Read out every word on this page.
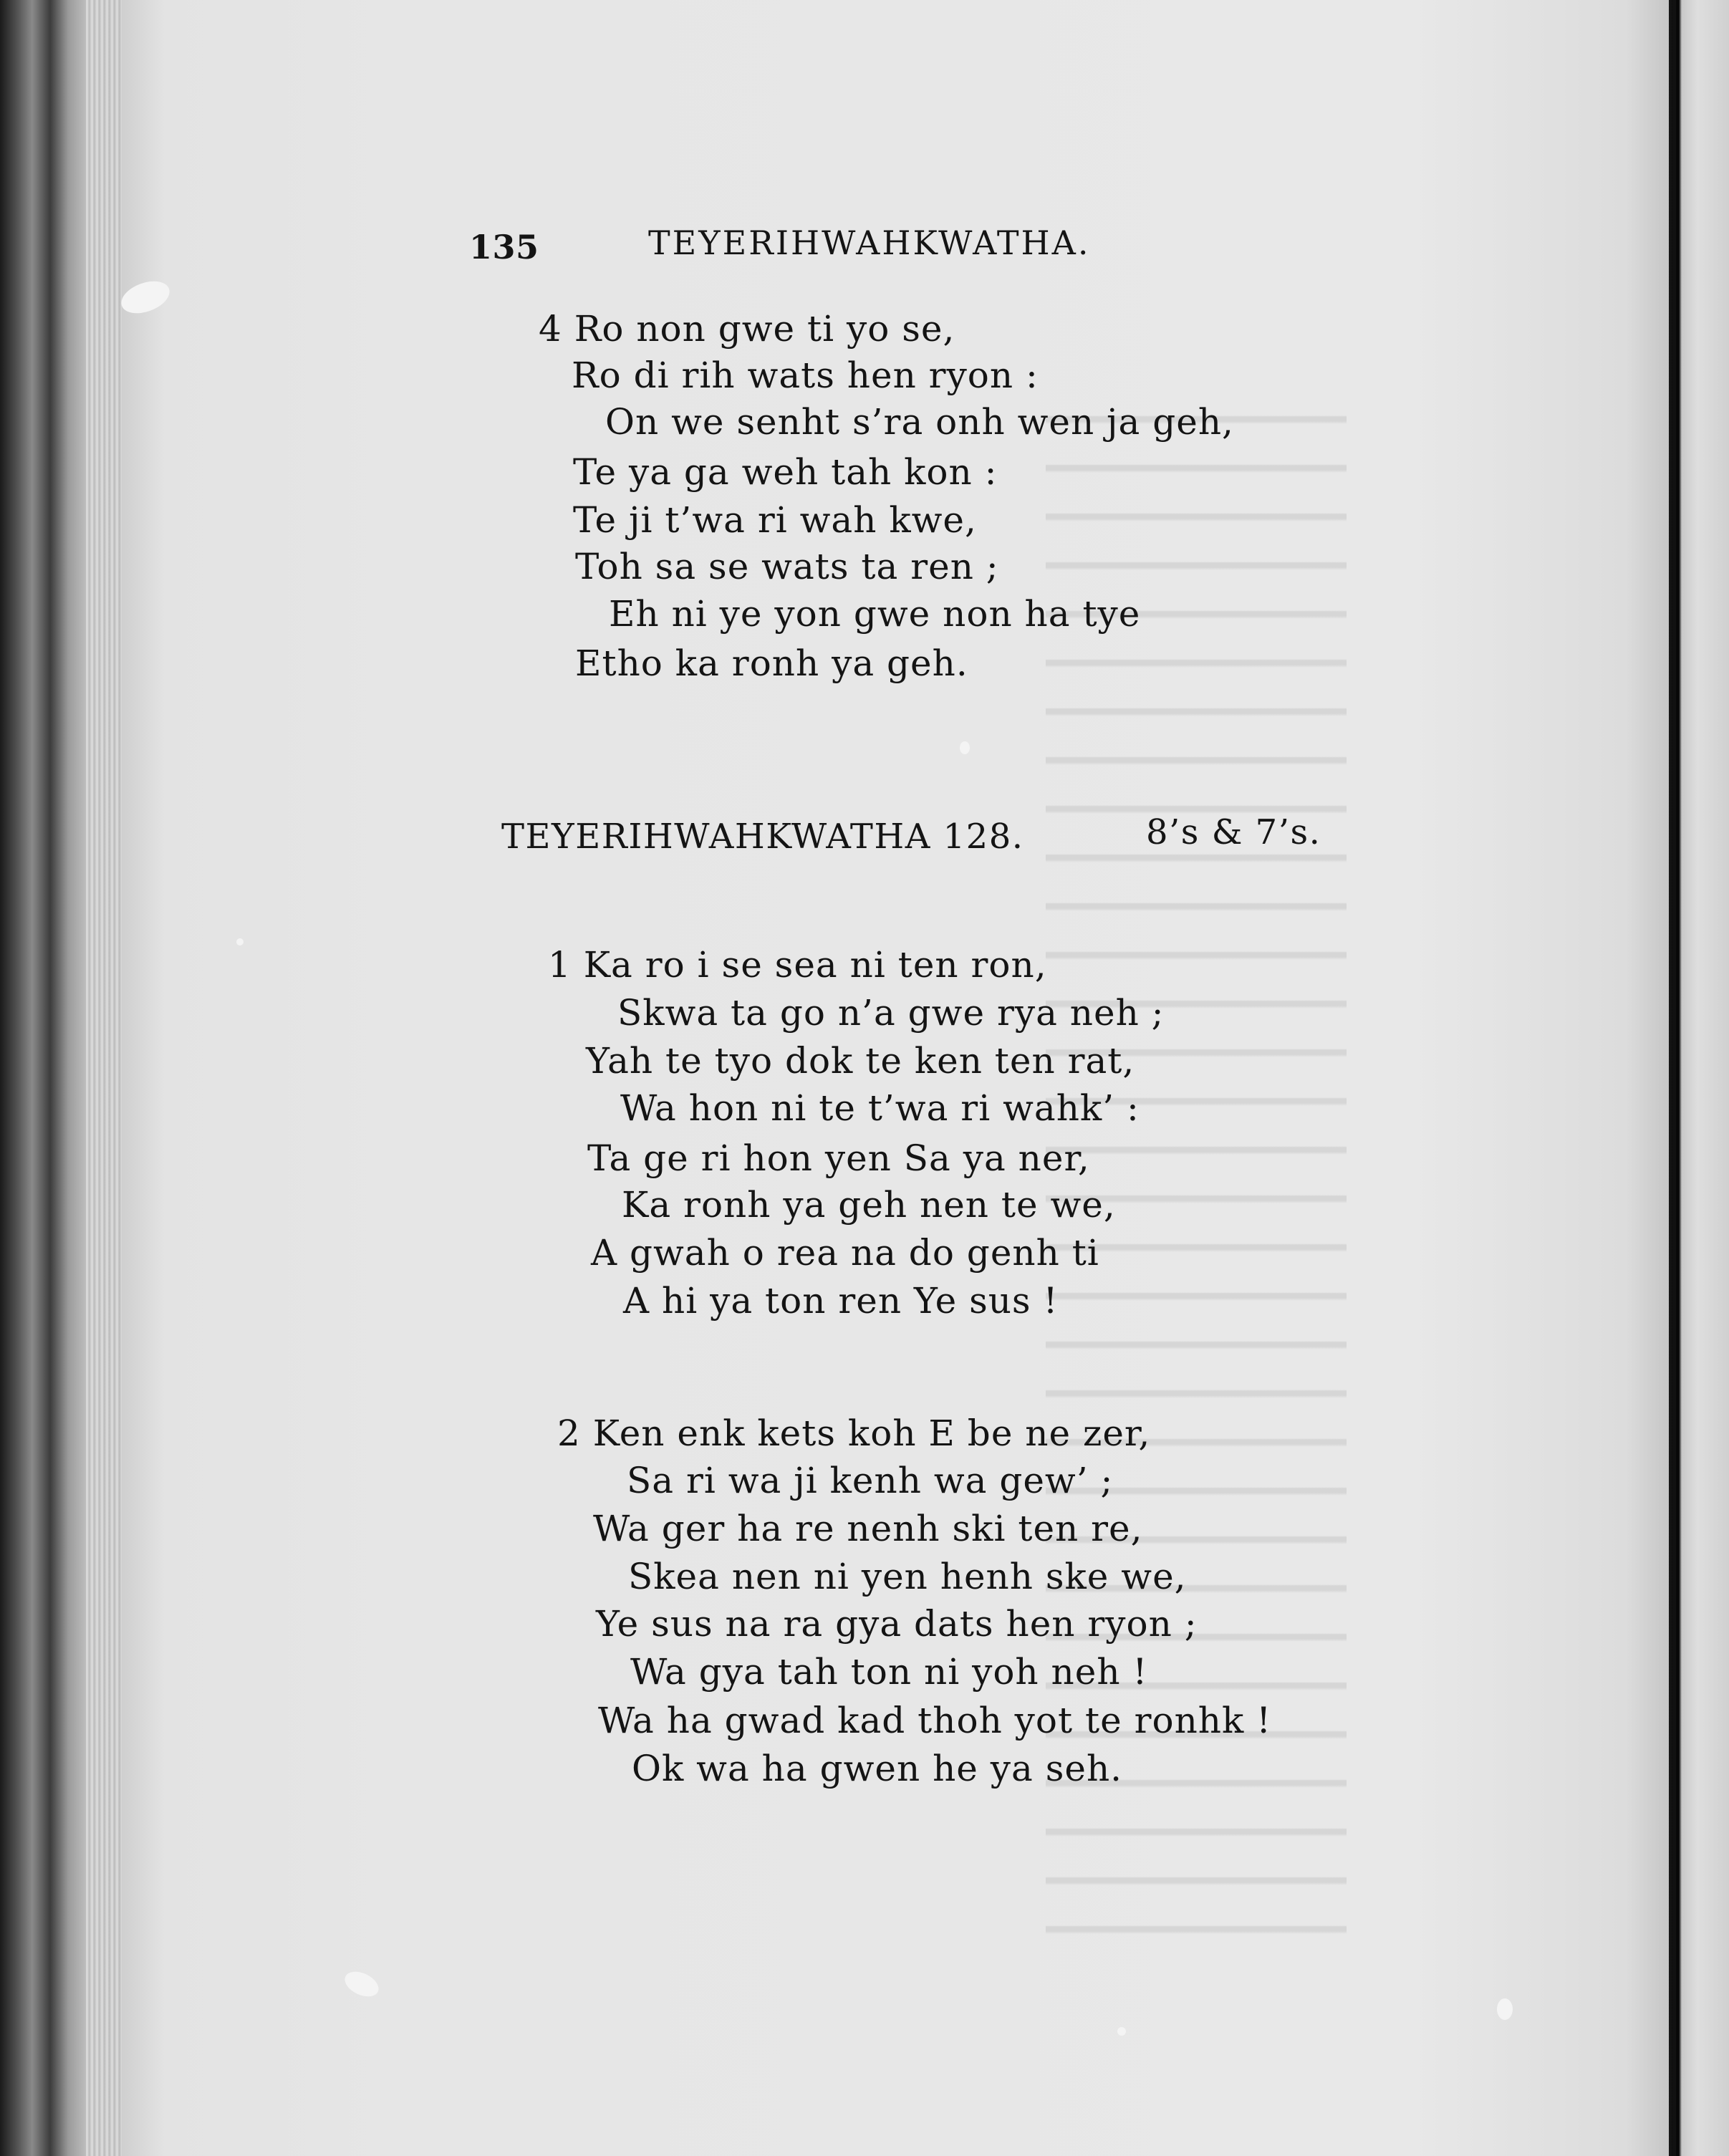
135	TEYERIHWAHKWATHA.
4 Ro non gwe ti yo se,
Ro di rih wats hen ryon :
On we senht s’ra onh wen ja geh,
Te ya ga weh tah kon :
Te ji t’wa ri wah kwe,
Toh sa se wats ta ren ;
Eh ni ye yon gwe non ha tye
Etho ka ronh ya geh.
TEYERIHWAHKWATHA 128.	8’s & 7’s.
1 Ka ro i se sea ni ten ron,
Skwa ta go n’a gwe rya neh ;
Yah te tyo dok te ken ten rat,
Wa hon ni te t’wa ri wahk’ :
Ta ge ri hon yen Sa ya ner,
Ka ronh ya geh nen te we,
A gwah o rea na do genh ti
A hi ya ton ren Ye sus !
2 Ken enk kets koh E be ne zer,
Sa ri wa ji kenh wa gew’ ;
Wa ger ha re nenh ski ten re,
Skea nen ni yen henh ske we,
Ye sus na ra gya dats hen ryon ;
Wa gya tah ton ni yoh neh !
Wa ha gwad kad thoh yot te ronhk !
Ok wa ha gwen he ya seh.
